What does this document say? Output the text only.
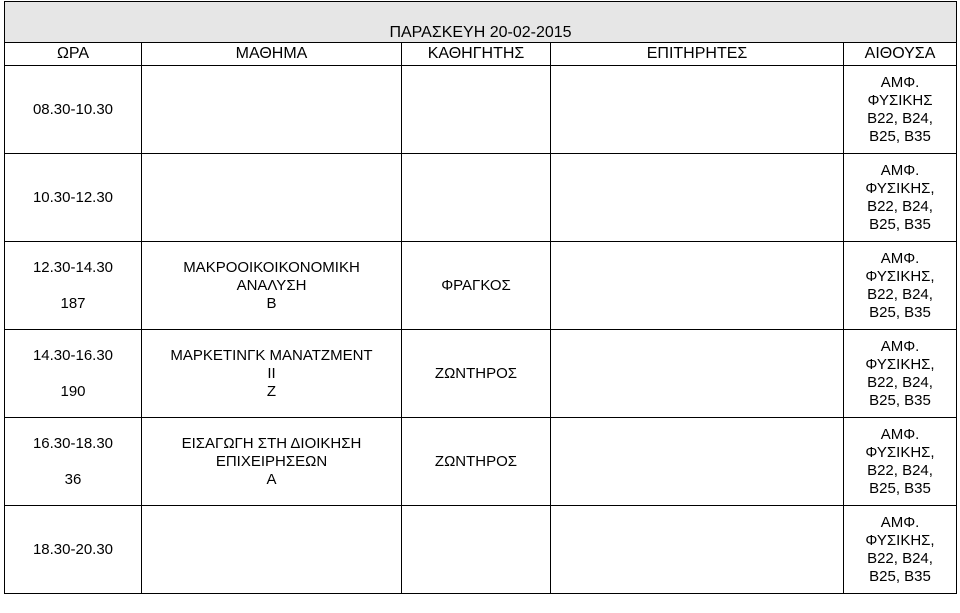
ΠΑΡΑΣΚΕΥΗ 20-02-2015				
ΩΡΑ	ΜΑΘΗΜΑ	ΚΑΘΗΓΗΤΗΣ	ΕΠΙΤΗΡΗΤΕΣ	ΑΙΘΟΥΣΑ

08.30-10.30				ΑΜΦ.
ΦΥΣΙΚΗΣ
Β22, Β24,
Β25, Β35

10.30-12.30				ΑΜΦ.
ΦΥΣΙΚΗΣ,
Β22, Β24,
Β25, Β35

12.30-14.30
187	ΜΑΚΡΟΟΙΚΟΙΚΟΝΟΜΙΚΗ
ΑΝΑΛΥΣΗ
Β	ΦΡΑΓΚΟΣ		ΑΜΦ.
ΦΥΣΙΚΗΣ,
Β22, Β24,
Β25, Β35

14.30-16.30
190	ΜΑΡΚΕΤΙΝΓΚ ΜΑΝΑΤΖΜΕΝΤ
ΙΙ
Ζ	ΖΩΝΤΗΡΟΣ		ΑΜΦ.
ΦΥΣΙΚΗΣ,
Β22, Β24,
Β25, Β35

16.30-18.30
36	ΕΙΣΑΓΩΓΗ ΣΤΗ ΔΙΟΙΚΗΣΗ
ΕΠΙΧΕΙΡΗΣΕΩΝ
Α	ΖΩΝΤΗΡΟΣ		ΑΜΦ.
ΦΥΣΙΚΗΣ,
Β22, Β24,
Β25, Β35

18.30-20.30				ΑΜΦ.
ΦΥΣΙΚΗΣ,
Β22, Β24,
Β25, Β35
